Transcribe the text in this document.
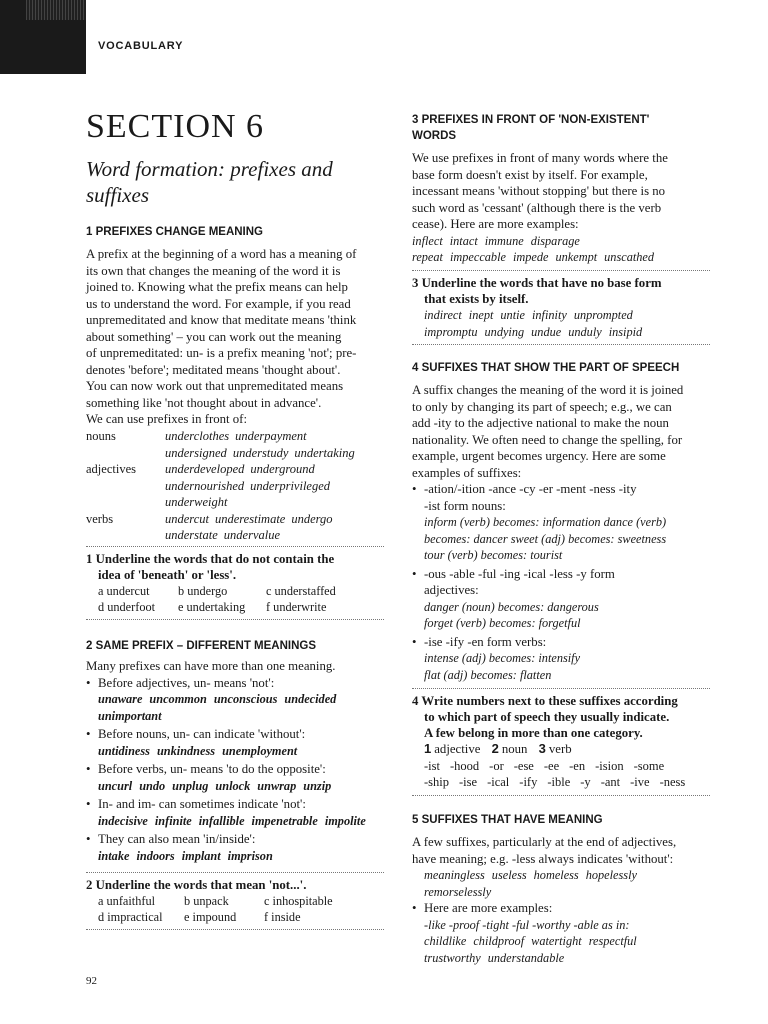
VOCABULARY
SECTION 6
Word formation: prefixes and
suffixes
1 PREFIXES CHANGE MEANING

A prefix at the beginning of a word has a meaning of

its own that changes the meaning of the word it is

joined to. Knowing what the prefix means can help

us to understand the word. For example, if you read

unpremeditated and know that meditate means 'think

about something' – you can work out the meaning

of unpremeditated: un- is a prefix meaning 'not'; pre-

denotes 'before'; meditated means 'thought about'.

You can now work out that unpremeditated means

something like 'not thought about in advance'.

We can use prefixes in front of:

nouns	underclothes underpayment
undersigned understudy undertaking

adjectives	underdeveloped underground
undernourished underprivileged
underweight

verbs	undercut underestimate undergo
understate undervalue
1 Underline the words that do not contain the
idea of 'beneath' or 'less'.
a undercut	b undergo	c understaffed
d underfoot	e undertaking	f underwrite
2 SAME PREFIX – DIFFERENT MEANINGS

Many prefixes can have more than one meaning.

• Before adjectives, un- means 'not':
unaware uncommon unconscious undecided
unimportant
• Before nouns, un- can indicate 'without':
untidiness unkindness unemployment
• Before verbs, un- means 'to do the opposite':
uncurl undo unplug unlock unwrap unzip
• In- and im- can sometimes indicate 'not':
indecisive infinite infallible impenetrable impolite
• They can also mean 'in/inside':
intake indoors implant imprison
2 Underline the words that mean 'not...'.
a unfaithful	b unpack	c inhospitable
d impractical	e impound	f inside
3 PREFIXES IN FRONT OF 'NON-EXISTENT'
WORDS

We use prefixes in front of many words where the

base form doesn't exist by itself. For example,

incessant means 'without stopping' but there is no

such word as 'cessant' (although there is the verb

cease). Here are more examples:

inflect intact immune disparage
repeat impeccable impede unkempt unscathed
3 Underline the words that have no base form
that exists by itself.
indirect inept untie infinity unprompted
impromptu undying unduе unduly insipid
4 SUFFIXES THAT SHOW THE PART OF SPEECH

A suffix changes the meaning of the word it is joined

to only by changing its part of speech; e.g., we can

add -ity to the adjective national to make the noun

nationality. We often need to change the spelling, for

example, urgent becomes urgency. Here are some

examples of suffixes:

• -ation/-ition -ance -cy -er -ment -ness -ity
-ist form nouns:
inform (verb) becomes: information dance (verb)
becomes: dancer sweet (adj) becomes: sweetness
tour (verb) becomes: tourist
• -ous -able -ful -ing -ical -less -y form
adjectives:
danger (noun) becomes: dangerous
forget (verb) becomes: forgetful
• -ise -ify -en form verbs:
intense (adj) becomes: intensify
flat (adj) becomes: flatten
4 Write numbers next to these suffixes according
to which part of speech they usually indicate.
A few belong in more than one category.
1 adjective 2 noun 3 verb
-ist -hood -or -ese -ee -en -ision -some
-ship -ise -ical -ify -ible -y -ant -ive -ness
5 SUFFIXES THAT HAVE MEANING

A few suffixes, particularly at the end of adjectives,

have meaning; e.g. -less always indicates 'without':

meaningless useless homeless hopelessly
remorselessly
• Here are more examples:
-like -proof -tight -ful -worthy -able as in:
childlike childproof watertight respectful
trustworthy understandable
92
